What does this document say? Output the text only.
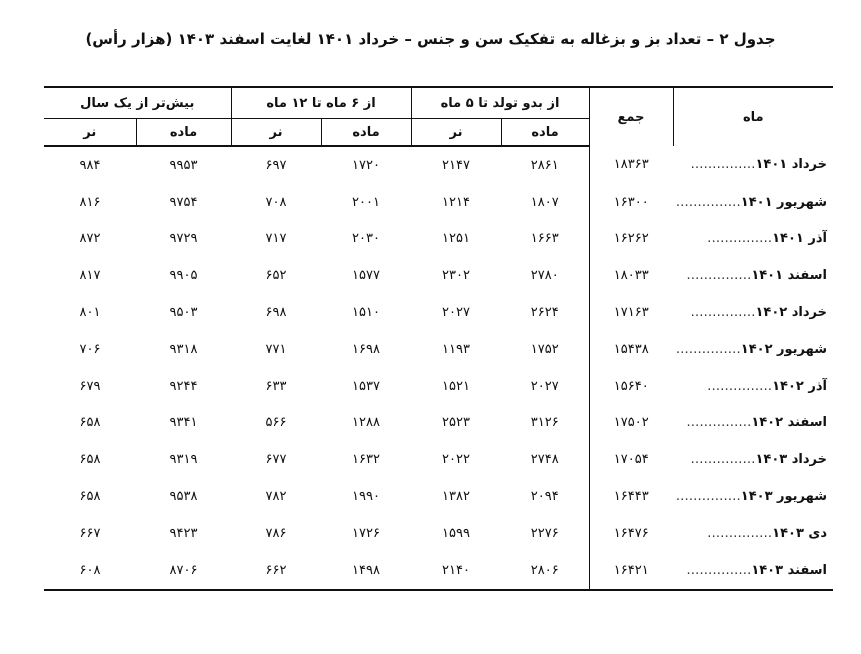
جدول ۲ – تعداد بز و بزغاله به تفکیک سن و جنس – خرداد ۱۴۰۱ لغایت اسفند ۱۴۰۳ (هزار رأس)
ماه	جمع	از بدو تولد تا ۵ ماه		از ۶ ماه تا ۱۲ ماه		بیش‌تر از یک سال	
		ماده	نر	ماده	نر	ماده	نر
خرداد ۱۴۰۱……………	۱۸۳۶۳	۲۸۶۱	۲۱۴۷	۱۷۲۰	۶۹۷	۹۹۵۳	۹۸۴
شهریور ۱۴۰۱……………	۱۶۳۰۰	۱۸۰۷	۱۲۱۴	۲۰۰۱	۷۰۸	۹۷۵۴	۸۱۶
آذر ۱۴۰۱……………	۱۶۲۶۲	۱۶۶۳	۱۲۵۱	۲۰۳۰	۷۱۷	۹۷۲۹	۸۷۲
اسفند ۱۴۰۱……………	۱۸۰۳۳	۲۷۸۰	۲۳۰۲	۱۵۷۷	۶۵۲	۹۹۰۵	۸۱۷
خرداد ۱۴۰۲……………	۱۷۱۶۳	۲۶۲۴	۲۰۲۷	۱۵۱۰	۶۹۸	۹۵۰۳	۸۰۱
شهریور ۱۴۰۲……………	۱۵۴۳۸	۱۷۵۲	۱۱۹۳	۱۶۹۸	۷۷۱	۹۳۱۸	۷۰۶
آذر ۱۴۰۲……………	۱۵۶۴۰	۲۰۲۷	۱۵۲۱	۱۵۳۷	۶۳۳	۹۲۴۴	۶۷۹
اسفند ۱۴۰۲……………	۱۷۵۰۲	۳۱۲۶	۲۵۲۳	۱۲۸۸	۵۶۶	۹۳۴۱	۶۵۸
خرداد ۱۴۰۳……………	۱۷۰۵۴	۲۷۴۸	۲۰۲۲	۱۶۳۲	۶۷۷	۹۳۱۹	۶۵۸
شهریور ۱۴۰۳……………	۱۶۴۴۳	۲۰۹۴	۱۳۸۲	۱۹۹۰	۷۸۲	۹۵۳۸	۶۵۸
دی ۱۴۰۳……………	۱۶۴۷۶	۲۲۷۶	۱۵۹۹	۱۷۲۶	۷۸۶	۹۴۲۳	۶۶۷
اسفند ۱۴۰۳……………	۱۶۴۲۱	۲۸۰۶	۲۱۴۰	۱۴۹۸	۶۶۲	۸۷۰۶	۶۰۸
